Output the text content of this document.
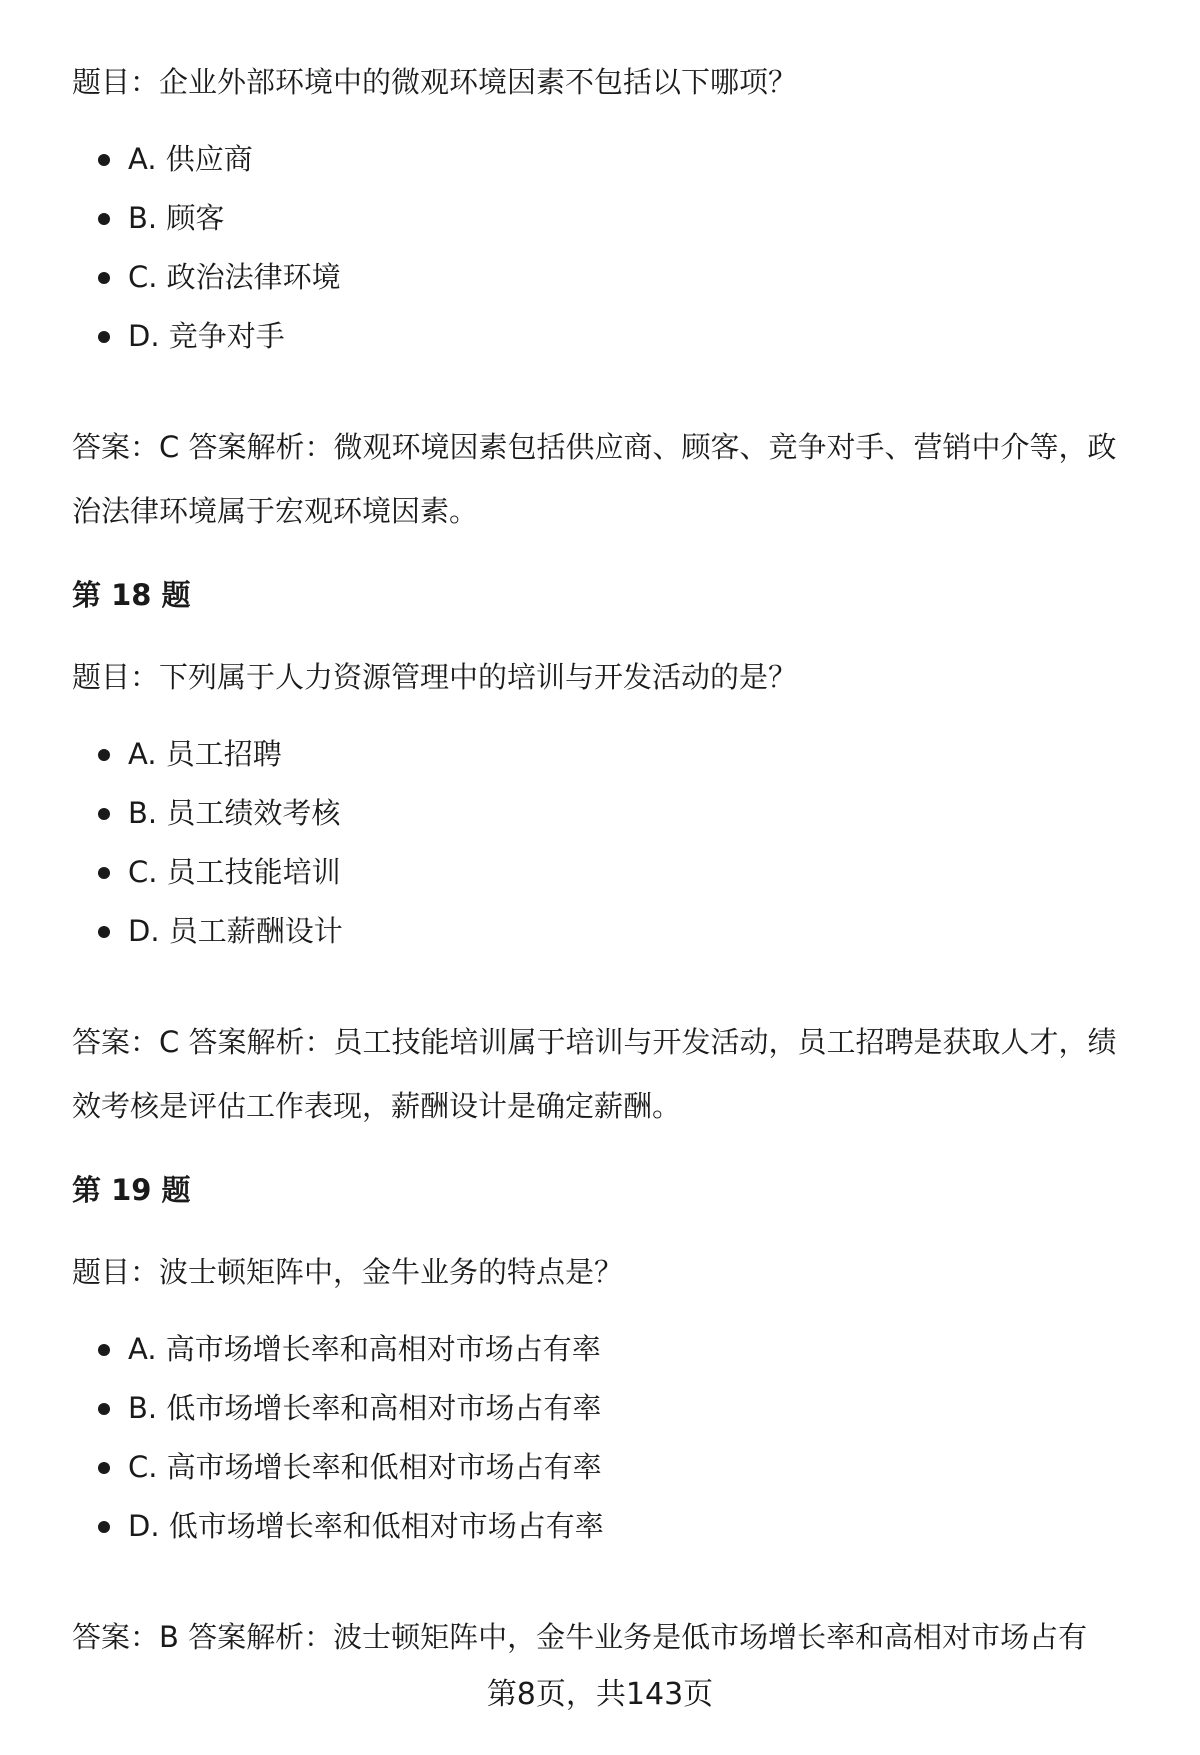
题目：企业外部环境中的微观环境因素不包括以下哪项？

A. 供应商
B. 顾客
C. 政治法律环境
D. 竞争对手

答案：C 答案解析：微观环境因素包括供应商、顾客、竞争对手、营销中介等，政

治法律环境属于宏观环境因素。

第 18 题

题目：下列属于人力资源管理中的培训与开发活动的是？

A. 员工招聘
B. 员工绩效考核
C. 员工技能培训
D. 员工薪酬设计

答案：C 答案解析：员工技能培训属于培训与开发活动，员工招聘是获取人才，绩

效考核是评估工作表现，薪酬设计是确定薪酬。

第 19 题

题目：波士顿矩阵中，金牛业务的特点是？

A. 高市场增长率和高相对市场占有率
B. 低市场增长率和高相对市场占有率
C. 高市场增长率和低相对市场占有率
D. 低市场增长率和低相对市场占有率

答案：B 答案解析：波士顿矩阵中，金牛业务是低市场增长率和高相对市场占有

第8页，共143页
